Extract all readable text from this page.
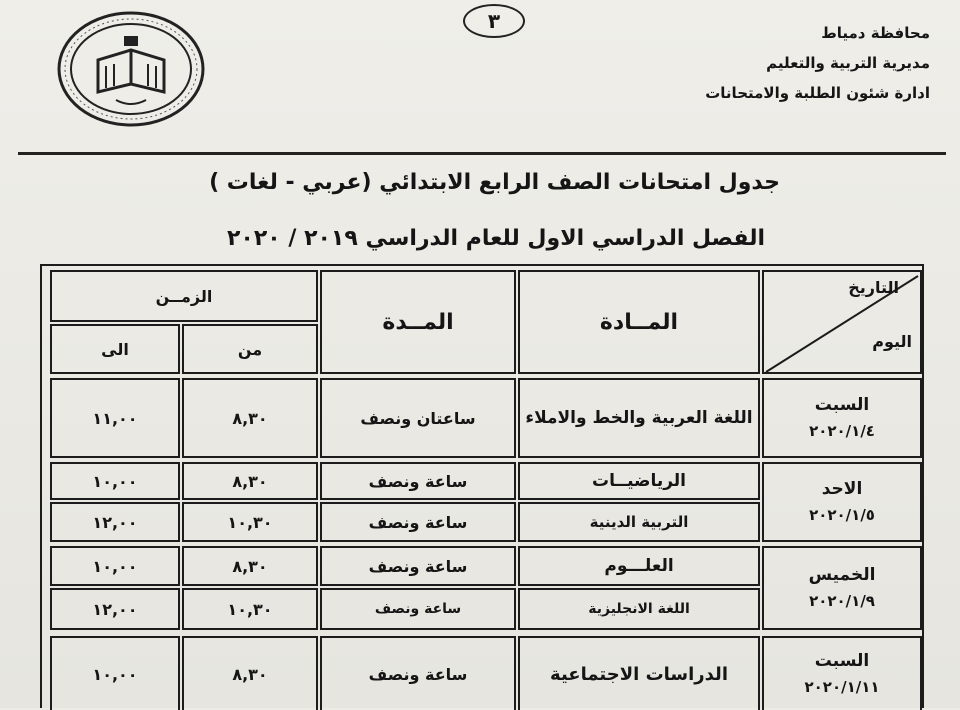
٣	محافظة دمياط
مديرية التربية والتعليم
ادارة شئون الطلبة والامتحانات
جدول امتحانات الصف الرابع الابتدائي (عربي - لغات )
الفصل الدراسي الاول للعام الدراسي ٢٠١٩ / ٢٠٢٠
التاريخ
اليوم
المــادة
المــدة
الزمــن
من
الى
السبت
٢٠٢٠/١/٤
الاحد
٢٠٢٠/١/٥
الخميس
٢٠٢٠/١/٩
السبت
٢٠٢٠/١/١١
اللغة العربية والخط والاملاء
ساعتان ونصف
٨,٣٠
١١,٠٠
الرياضيــات
ساعة ونصف
٨,٣٠
١٠,٠٠
التربية الدينية
ساعة ونصف
١٠,٣٠
١٢,٠٠
العلـــوم
ساعة ونصف
٨,٣٠
١٠,٠٠
اللغة الانجليزية
ساعة ونصف
١٠,٣٠
١٢,٠٠
الدراسات الاجتماعية
ساعة ونصف
٨,٣٠
١٠,٠٠
